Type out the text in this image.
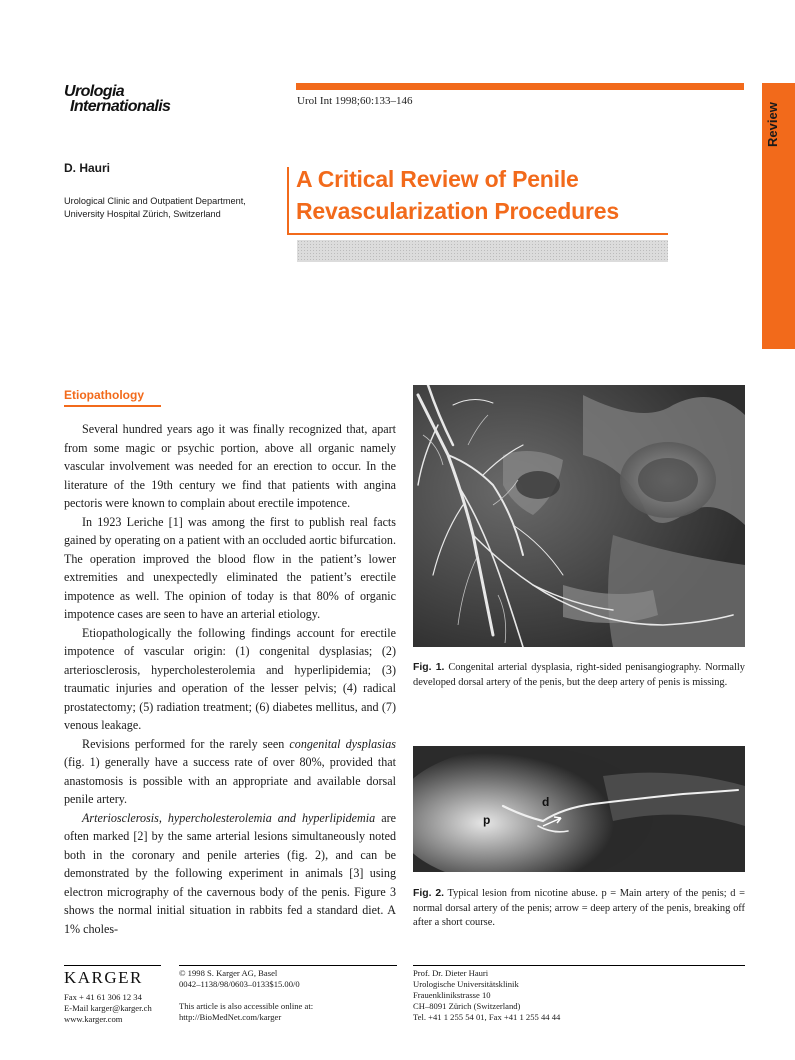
Review
Urologia
Internationalis	Urol Int 1998;60:133–146
D. Hauri
Urological Clinic and Outpatient Department, University Hospital Zürich, Switzerland
A Critical Review of Penile
Revascularization Procedures
Etiopathology

Several hundred years ago it was finally recognized that, apart from some magic or psychic portion, above all organic namely vascular involvement was needed for an erection to occur. In the literature of the 19th century we find that patients with angina pectoris were known to complain about erectile impotence.

In 1923 Leriche [1] was among the first to publish real facts gained by operating on a patient with an occluded aortic bifurcation. The operation improved the blood flow in the patient’s lower extremities and unexpectedly eliminated the patient’s erectile impotence as well. The opinion of today is that 80% of organic impotence cases are seen to have an arterial etiology.

Etiopathologically the following findings account for erectile impotence of vascular origin: (1) congenital dysplasias; (2) arteriosclerosis, hypercholesterolemia and hyperlipidemia; (3) traumatic injuries and operation of the lesser pelvis; (4) radical prostatectomy; (5) radiation treatment; (6) diabetes mellitus, and (7) venous leakage.

Revisions performed for the rarely seen congenital dysplasias (fig. 1) generally have a success rate of over 80%, provided that anastomosis is possible with an appropriate and available dorsal penile artery.

Arteriosclerosis, hypercholesterolemia and hyperlipidemia are often marked [2] by the same arterial lesions simultaneously noted both in the coronary and penile arteries (fig. 2), and can be demonstrated by the following experiment in animals [3] using electron micrography of the cavernous body of the penis. Figure 3 shows the normal initial situation in rabbits fed a standard diet. A 1% choles-

Fig. 1. Congenital arterial dysplasia, right-sided penisangiography. Normally developed dorsal artery of the penis, but the deep artery of penis is missing.
p
d
Fig. 2. Typical lesion from nicotine abuse. p = Main artery of the penis; d = normal dorsal artery of the penis; arrow = deep artery of the penis, breaking off after a short course.
KARGER
Fax + 41 61 306 12 34
E-Mail karger@karger.ch
www.karger.com
© 1998 S. Karger AG, Basel
0042–1138/98/0603–0133$15.00/0
This article is also accessible online at:
http://BioMedNet.com/karger
Prof. Dr. Dieter Hauri
Urologische Universitätsklinik
Frauenklinikstrasse 10
CH–8091 Zürich (Switzerland)
Tel. +41 1 255 54 01, Fax +41 1 255 44 44
